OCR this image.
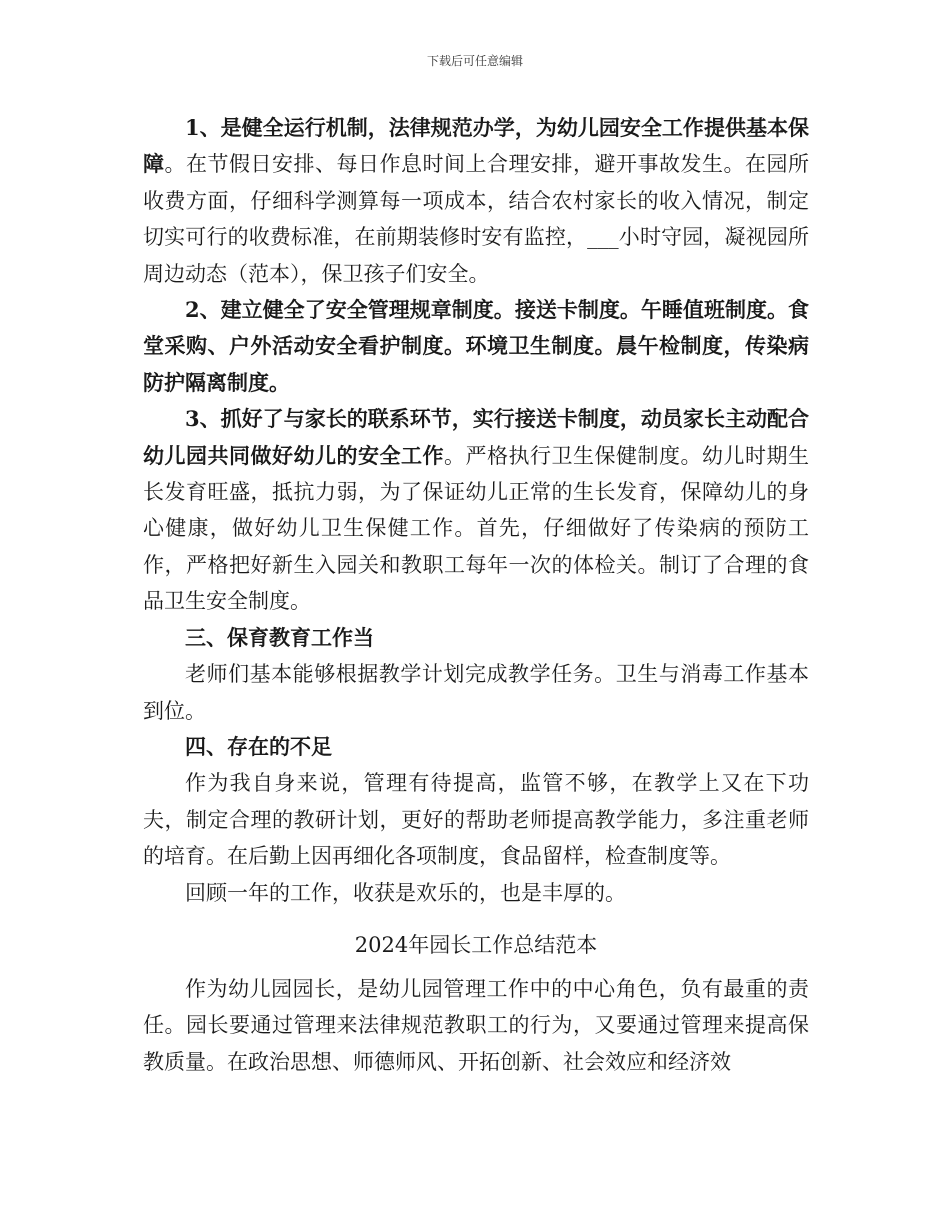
下载后可任意编辑

1、是健全运行机制，法律规范办学，为幼儿园安全工作提供基本保障。在节假日安排、每日作息时间上合理安排，避开事故发生。在园所收费方面，仔细科学测算每一项成本，结合农村家长的收入情况，制定切实可行的收费标准，在前期装修时安有监控，___小时守园，凝视园所周边动态（范本），保卫孩子们安全。

2、建立健全了安全管理规章制度。接送卡制度。午睡值班制度。食堂采购、户外活动安全看护制度。环境卫生制度。晨午检制度，传染病防护隔离制度。

3、抓好了与家长的联系环节，实行接送卡制度，动员家长主动配合幼儿园共同做好幼儿的安全工作。严格执行卫生保健制度。幼儿时期生长发育旺盛，抵抗力弱，为了保证幼儿正常的生长发育，保障幼儿的身心健康，做好幼儿卫生保健工作。首先，仔细做好了传染病的预防工作，严格把好新生入园关和教职工每年一次的体检关。制订了合理的食品卫生安全制度。

三、保育教育工作当

老师们基本能够根据教学计划完成教学任务。卫生与消毒工作基本到位。

四、存在的不足

作为我自身来说，管理有待提高，监管不够，在教学上又在下功夫，制定合理的教研计划，更好的帮助老师提高教学能力，多注重老师的培育。在后勤上因再细化各项制度，食品留样，检查制度等。

回顾一年的工作，收获是欢乐的，也是丰厚的。

2024年园长工作总结范本

作为幼儿园园长，是幼儿园管理工作中的中心角色，负有最重的责任。园长要通过管理来法律规范教职工的行为，又要通过管理来提高保教质量。在政治思想、师德师风、开拓创新、社会效应和经济效
